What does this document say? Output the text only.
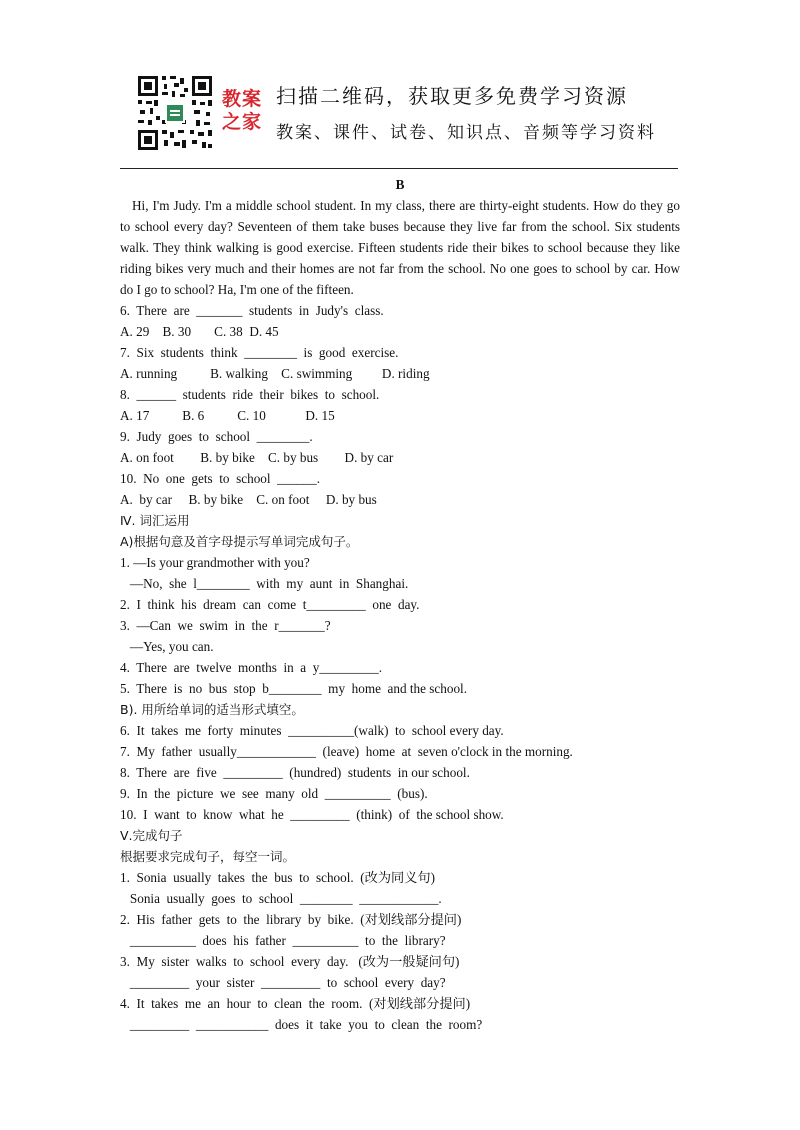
教案
之家
扫描二维码，获取更多免费学习资源
教案、课件、试卷、知识点、音频等学习资料

B

Hi, I'm Judy. I'm a middle school student. In my class, there are thirty-eight students. How do they go to school every day? Seventeen of them take buses because they live far from the school. Six students walk. They think walking is good exercise. Fifteen students ride their bikes to school because they like riding bikes very much and their homes are not far from the school. No one goes to school by car. How do I go to school? Ha, I'm one of the fifteen.

6.  There  are  _______  students  in  Judy's  class.

A. 29    B. 30       C. 38  D. 45

7.  Six  students  think  ________  is  good  exercise.

A. running          B. walking    C. swimming         D. riding

8.  ______  students  ride  their  bikes  to  school.

A. 17          B. 6          C. 10            D. 15

9.  Judy  goes  to  school  ________.

A. on foot        B. by bike    C. by bus        D. by car

10.  No  one  gets  to  school  ______.

A.  by car     B. by bike    C. on foot     D. by bus

Ⅳ. 词汇运用

A)根据句意及首字母提示写单词完成句子。

1. —Is your grandmother with you?

—No,  she  l________  with  my  aunt  in  Shanghai.

2.  I  think  his  dream  can  come  t_________  one  day.

3.  —Can  we  swim  in  the  r_______?

—Yes, you can.

4.  There  are  twelve  months  in  a  y_________.

5.  There  is  no  bus  stop  b________  my  home  and the school.

B). 用所给单词的适当形式填空。

6.  It  takes  me  forty  minutes  __________(walk)  to  school every day.

7.  My  father  usually____________  (leave)  home  at  seven o'clock in the morning.

8.  There  are  five  _________  (hundred)  students  in our school.

9.  In  the  picture  we  see  many  old  __________  (bus).

10.  I  want  to  know  what  he  _________  (think)  of  the school show.

Ⅴ.完成句子

根据要求完成句子，每空一词。

1.  Sonia  usually  takes  the  bus  to  school.  (改为同义句)

Sonia  usually  goes  to  school  ________  ____________.

2.  His  father  gets  to  the  library  by  bike.  (对划线部分提问)

__________  does  his  father  __________  to  the  library?

3.  My  sister  walks  to  school  every  day.   (改为一般疑问句)

_________  your  sister  _________  to  school  every  day?

4.  It  takes  me  an  hour  to  clean  the  room.  (对划线部分提问)

_________  ___________  does  it  take  you  to  clean  the  room?
